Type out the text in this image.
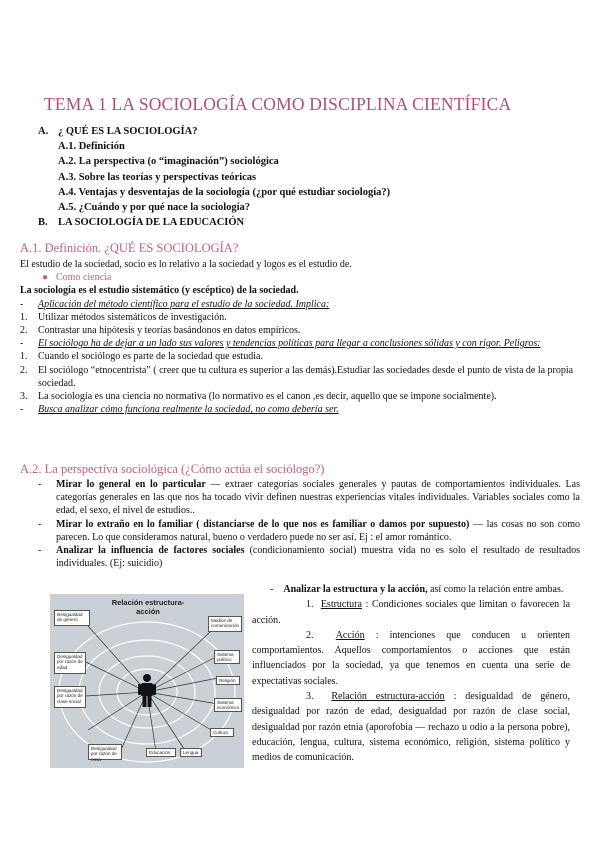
TEMA 1 LA SOCIOLOGÍA COMO DISCIPLINA CIENTÍFICA
A. ¿ QUÉ ES LA SOCIOLOGÍA?
A.1. Definición
A.2. La perspectiva (o “imaginación”) sociológica
A.3. Sobre las teorías y perspectivas teóricas
A.4. Ventajas y desventajas de la sociología (¿por qué estudiar sociología?)
A.5. ¿Cuándo y por qué nace la sociología?
B. LA SOCIOLOGÍA DE LA EDUCACIÓN
A.1. Definición. ¿QUÉ ES SOCIOLOGÍA?
El estudio de la sociedad, socio es lo relativo a la sociedad y logos es el estudio de.
● Como ciencia
La sociología es el estudio sistemático (y escéptico) de la sociedad.
-	Aplicación del método científico para el estudio de la sociedad. Implica:
1.	Utilizar métodos sistemáticos de investigación.
2.	Contrastar una hipótesis y teorías basándonos en datos empíricos.
-	El sociólogo ha de dejar a un lado sus valores y tendencias políticas para llegar a conclusiones sólidas y con rigor. Peligros:
1.	Cuando el sociólogo es parte de la sociedad que estudia.
2.	El sociólogo “etnocentrista” ( creer que tu cultura es superior a las demás).Estudiar las sociedades desde el punto de vista de la propia sociedad.
3.	La sociología es una ciencia no normativa (lo normativo es el canon ,es decir, aquello que se impone socialmente).
-	Busca analizar cómo funciona realmente la sociedad, no como debería ser.
A.2. La perspectiva sociológica (¿Cómo actúa el sociólogo?)
-	Mirar lo general en lo particular — extraer categorías sociales generales y pautas de comportamientos individuales. Las categorías generales en las que nos ha tocado vivir definen nuestras experiencias vitales individuales. Variables sociales como la edad, el sexo, el nivel de estudios..
-	Mirar lo extraño en lo familiar ( distanciarse de lo que nos es familiar o damos por supuesto) — las cosas no son como parecen. Lo que consideramos natural, bueno o verdadero puede no ser así. Ej : el amor romántico.
-	Analizar la influencia de factores sociales (condicionamiento social) muestra vida no es solo el resultado de resultados individuales. (Ej: suicidio)
-    Analizar la estructura y la acción, así como la relación entre ambas.
1.  Estructura : Condiciones sociales que limitan o favorecen la acción.
2.  Acción : intenciones que conducen u orienten comportamientos. Aquellos comportamientos o acciones que están influenciados por la sociedad, ya que tenemos en cuenta una serie de expectativas sociales.
3.  Relación estructura-acción : desigualdad de género, desigualdad por razón de edad, desigualdad por razón de clase social, desigualdad por razón etnia (aporofobia — rechazo u odio a la persona pobre), educación, lengua, cultura, sistema económico, religión, sistema político y medios de comunicación.
Relación estructura-acción
Desigualdad de género	Medios de comunicación
Sistema político
Religión
Desigualdad por razón de edad
Sistema económico
Desigualdad por razón de clase social
Cultura
Desigualdad por razón de etnia
Educación	Lengua
